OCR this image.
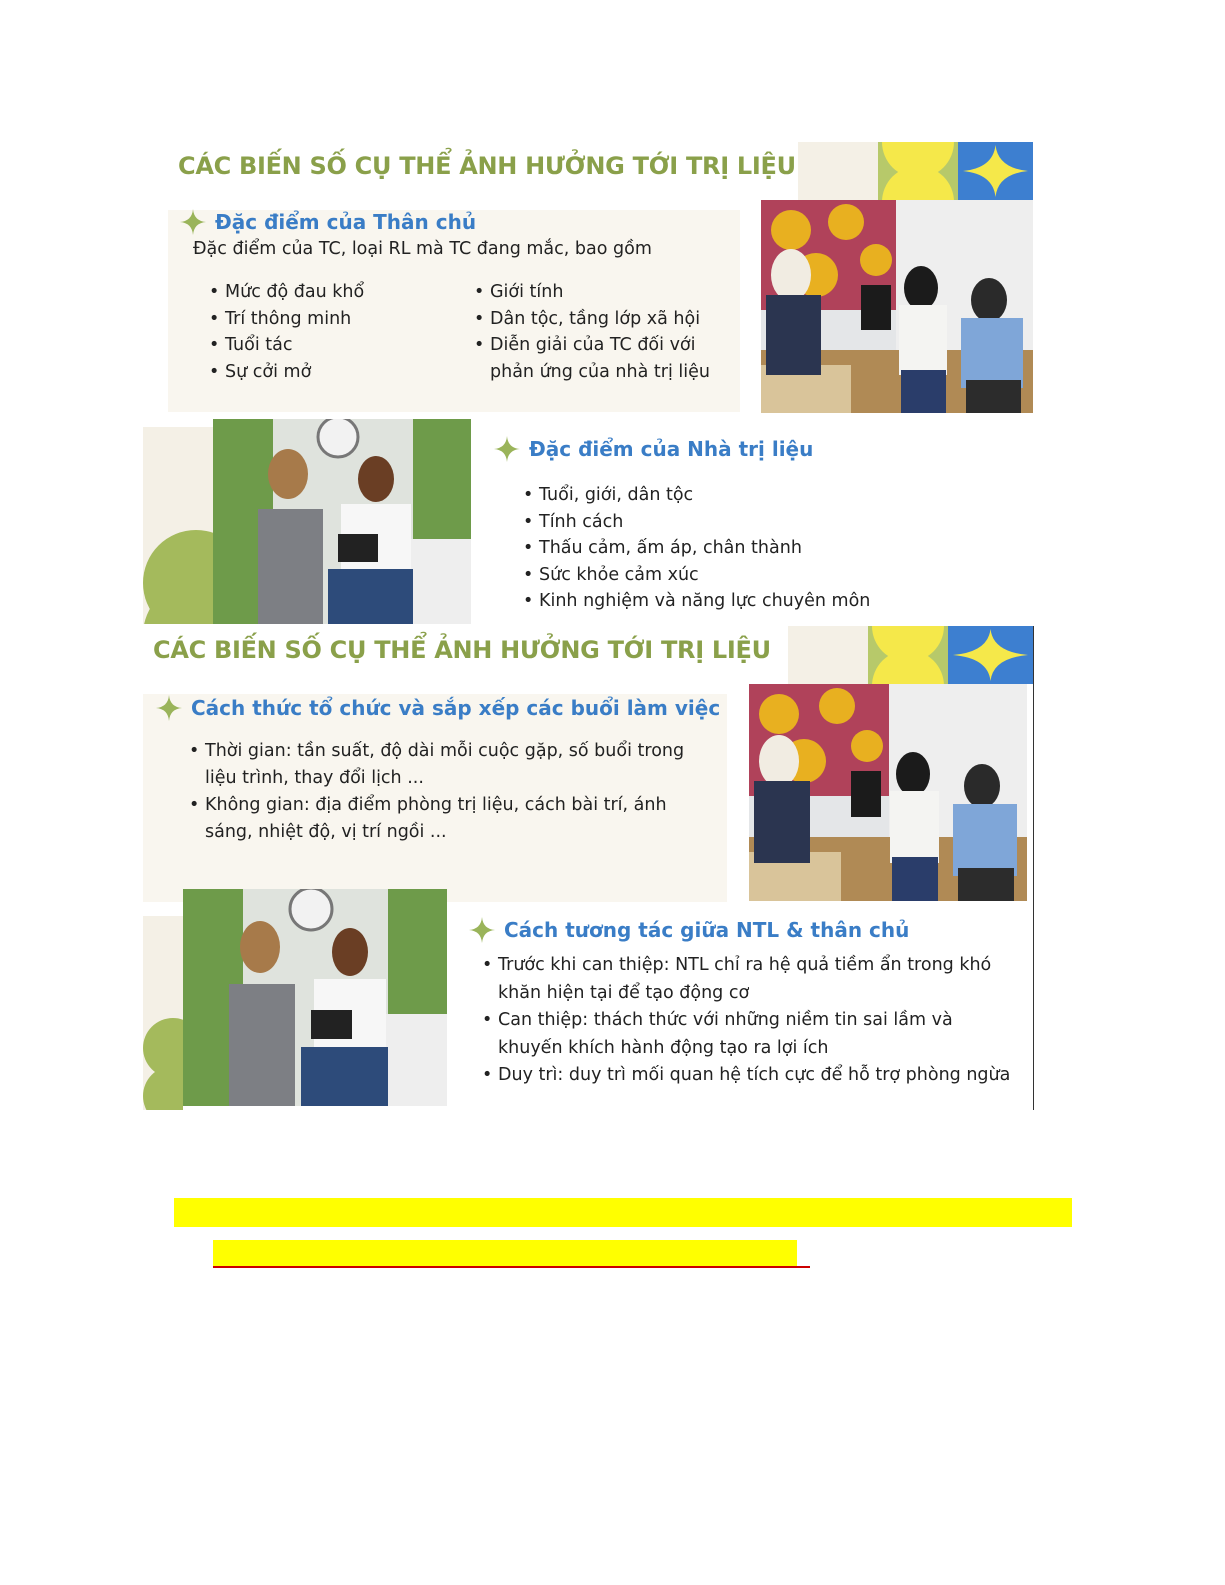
CÁC BIẾN SỐ CỤ THỂ ẢNH HƯỞNG TỚI TRỊ LIỆU
Đặc điểm của Thân chủ
Đặc điểm của TC, loại RL mà TC đang mắc, bao gồm
• Mức độ đau khổ
• Trí thông minh
• Tuổi tác
• Sự cởi mở
• Giới tính
• Dân tộc, tầng lớp xã hội
• Diễn giải của TC đối với phản ứng của nhà trị liệu
Đặc điểm của Nhà trị liệu
• Tuổi, giới, dân tộc
• Tính cách
• Thấu cảm, ấm áp, chân thành
• Sức khỏe cảm xúc
• Kinh nghiệm và năng lực chuyên môn
CÁC BIẾN SỐ CỤ THỂ ẢNH HƯỞNG TỚI TRỊ LIỆU
Cách thức tổ chức và sắp xếp các buổi làm việc
• Thời gian: tần suất, độ dài mỗi cuộc gặp, số buổi trong liệu trình, thay đổi lịch ...
• Không gian: địa điểm phòng trị liệu, cách bài trí, ánh sáng, nhiệt độ, vị trí ngồi ...
Cách tương tác giữa NTL & thân chủ
• Trước khi can thiệp: NTL chỉ ra hệ quả tiềm ẩn trong khó khăn hiện tại để tạo động cơ
• Can thiệp: thách thức với những niềm tin sai lầm và khuyến khích hành động tạo ra lợi ích
• Duy trì: duy trì mối quan hệ tích cực để hỗ trợ phòng ngừa
